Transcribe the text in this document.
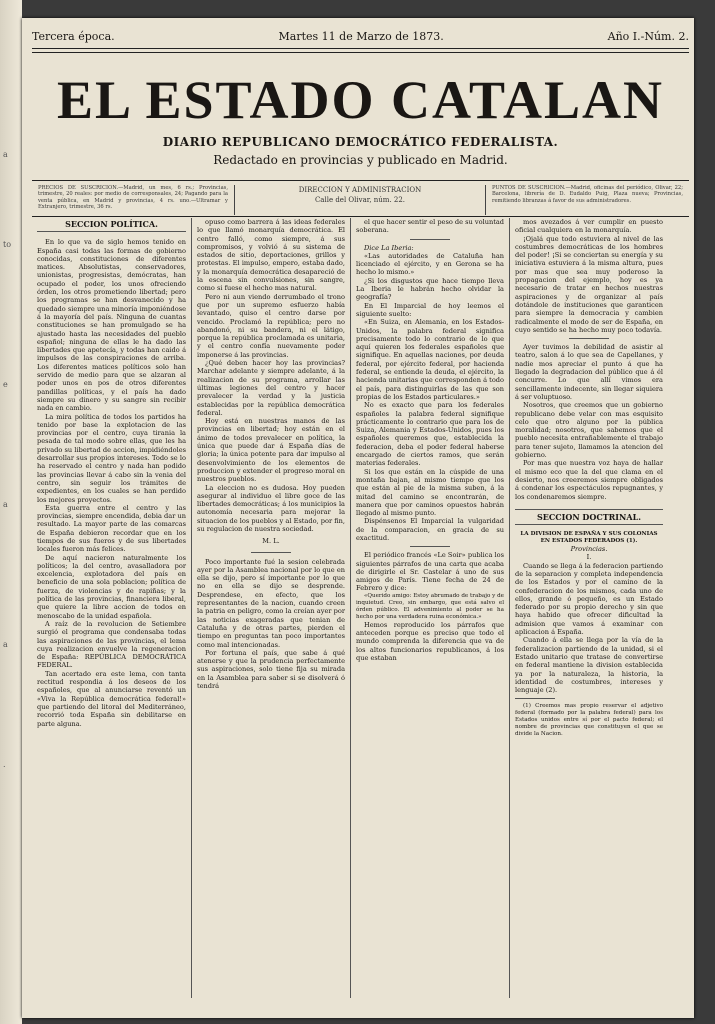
a
to
e
a
a
.
Tercera época.	Martes 11 de Marzo de 1873.	Año I.-Núm. 2.
EL ESTADO CATALAN
DIARIO REPUBLICANO DEMOCRÁTICO FEDERALISTA.
Redactado en provincias y publicado en Madrid.
PRECIOS DE SUSCRICION.—Madrid, un mes, 6 rs.; Provincias, trimestre, 20 reales: por medio de corresponsales, 24; Pagando para la venta pública, en Madrid y provincias, 4 rs. uno.—Ultramar y Extranjero, trimestre, 36 rs.
DIRECCION Y ADMINISTRACION
Calle del Olivar, núm. 22.
PUNTOS DE SUSCRICION.—Madrid, oficinas del periódico, Olivar, 22; Barcelona, librería de D. Eudaldo Puig, Plaza nueva; Provincias, remitiendo libranzas á favor de sus administradores.
SECCION POLÍTICA.

En lo que va de siglo hemos tenido en España casi todas las formas de gobierno conocidas, constituciones de diferentes matices. Absolutistas, conservadores, unionistas, progresistas, demócratas, han ocupado el poder, los unos ofreciendo órden, los otros prometiendo libertad; pero los programas se han desvanecido y ha quedado siempre una minoría imponiéndose á la mayoría del país. Ninguna de cuantas constituciones se han promulgado se ha ajustado hasta las necesidades del pueblo español; ninguna de ellas le ha dado las libertades que apetecía, y todas han caido á impulsos de las conspiraciones de arriba. Los diferentes matices políticos solo han servido de medio para que se alzaran al poder unos en pos de otros diferentes pandillas políticas, y el país ha dado siempre su dinero y su sangre sin recibir nada en cambio.

La mira política de todos los partidos ha tenido por base la explotacion de las provincias por el centro, cuya tirania la pesada de tal modo sobre ellas, que les ha privado su libertad de accion, impidiéndoles desarrollar sus propios intereses. Todo se lo ha reservado el centro y nada han podido las provincias llevar á cabo sin la venia del centro, sin seguir los trámites de expedientes, en los cuales se han perdido los mejores proyectos.

Esta guerra entre el centro y las provincias, siempre encendida, debia dar un resultado. La mayor parte de las comarcas de España debieron recordar que en los tiempos de sus fueros y de sus libertades locales fueron más felices.

De aquí nacieron naturalmente los políticos; la del centro, avasalladora por excelencia, explotadora del país en beneficio de una sola poblacion; política de fuerza, de violencias y de rapiñas; y la política de las provincias, financiera liberal, que quiere la libre accion de todos en menoscabo de la unidad española.

A raíz de la revolucion de Setiembre surgió el programa que condensaba todas las aspiraciones de las provincias, el lema cuya realizacion envuelve la regeneracion de España: REPÚBLICA DEMOCRÁTICA FEDERAL.

Tan acertado era este lema, con tanta rectitud respondia á los deseos de los españoles, que al anunciarse reventó un «Viva la República democrática federal!» que partiendo del litoral del Mediterráneo, recorrió toda España sin debilitarse en parte alguna.

opuso como barrera á las ideas federales lo que llamó monarquía democrática. El centro falló, como siempre, á sus compromisos, y volvió á su sistema de estados de sitio, deportaciones, grillos y protestas. El impulso, empero, estaba dado, y la monarquía democrática desapareció de la escena sin convulsiones, sin sangre, como si fuese el hecho mas natural.

Pero ni aun viendo derrumbado el trono que por un supremo esfuerzo había levantado, quiso el centro darse por vencido. Proclamó la república; pero no abandonó, ni su bandera, ni el látigo, porque la república proclamada es unitaria, y el centro confía nuevamente poder imponerse á las provincias.

¿Qué deben hacer hoy las provincias? Marchar adelante y siempre adelante, á la realizacion de su programa, arrollar las últimas legiones del centro y hacer prevalecer la verdad y la justicia establecidas por la república democrática federal.

Hoy está en nuestras manos de las provincias en libertad; hoy están en el ánimo de todos prevalecer en política, la única que puede dar á España días de gloria; la única potente para dar impulso al desenvolvimiento de los elementos de produccion y extender el progreso moral en nuestros pueblos.

La eleccion no es dudosa. Hoy pueden asegurar al individuo el libre goce de las libertades democráticas; á los municipios la autonomía necesaria para mejorar la situacion de los pueblos y al Estado, por fin, su regulacion de nuestra sociedad.

M. L.

Poco importante fué la sesion celebrada ayer por la Asamblea nacional por lo que en ella se dijo, pero sí importante por lo que no en ella se dijo se desprende. Desprendese, en efecto, que los representantes de la nacion, cuando creen la patria en peligro, como la creían ayer por las noticias exageradas que tenian de Cataluña y de otras partes, pierden el tiempo en preguntas tan poco importantes como mal intencionadas.

Por fortuna el país, que sabe á qué atenerse y que la prudencia perfectamente sus aspiraciones, solo tiene fija su mirada en la Asamblea para saber si se disolverá ó tendrá

el que hacer sentir el peso de su voluntad soberana.

Dice La Iberia:

«Las autoridades de Cataluña han licenciado el ejército, y en Gerona se ha hecho lo mismo.»

¿Si los disgustos que hace tiempo lleva La Iberia le habrán hecho olvidar la geografía?

En El Imparcial de hoy leemos el siguiente suelto:

«En Suiza, en Alemania, en los Estados-Unidos, la palabra federal significa precisamente todo lo contrario de lo que aquí quieren los federales españoles que signifique. En aquellas naciones, por deuda federal, por ejército federal, por hacienda federal, se entiende la deuda, el ejército, la hacienda unitarias que corresponden á todo el país, para distinguirlas de las que son propias de los Estados particulares.»

No es exacto que para los federales españoles la palabra federal signifique prácticamente lo contrario que para los de Suiza, Alemania y Estados-Unidos, pues los españoles queremos que, establecida la federacion, deba el poder federal haberse encargado de ciertos ramos, que serán materias federales.

Si los que están en la cúspide de una montaña bajan, al mismo tiempo que los que están al pie de la misma suben, á la mitad del camino se encontrarán, de manera que por caminos opuestos habrán llegado al mismo punto.

Dispénsenos El Imparcial la vulgaridad de la comparacion, en gracia de su exactitud.

El periódico francés «Le Soir» publica los siguientes párrafos de una carta que acaba de dirigirle el Sr. Castelar á uno de sus amigos de París. Tiene fecha de 24 de Febrero y dice:

«Querido amigo: Estoy abrumado de trabajo y de inquietud. Creo, sin embargo, que está salvo el órden público. El advenimiento al poder se ha hecho por una verdadera ruina económica.»

Hemos reproducido los párrafos que anteceden porque es preciso que todo el mundo comprenda la diferencia que va de los altos funcionarios republicanos, á los que estaban

mos avezados á ver cumplir en puesto oficial cualquiera en la monarquía.

¡Ojalá que todo estuviera al nivel de las costumbres democráticas de los hombres del poder! ¡Si se conciertan su energía y su iniciativa estuviera á la misma altura, pues por mas que sea muy poderoso la propagacion del ejemplo, hoy es ya necesario de tratar en hechos nuestras aspiraciones y de organizar al país dotándole de instituciones que garanticen para siempre la democracia y cambien radicalmente el modo de ser de España, en cuyo sentido se ha hecho muy poco todavía.

Ayer tuvimos la debilidad de asistir al teatro, salon á lo que sea de Capellanes, y nadie mos apreciar el punto á que ha llegado la degradacion del público que á él concurre. Lo que allí vimos era sencillamente indecente, sin llegar siquiera á ser voluptuoso.

Nosotros, que creemos que un gobierno republicano debe velar con mas esquisito celo que otro alguno por la pública moralidad; nosotros, que sabemos que el pueblo necesita entrañablemente el trabajo para tener sujeto, llamamos la atencion del gobierno.

Por mas que nuestra voz haya de hallar el mismo eco que la del que clama en el desierto, nos creeremos siempre obligados á condenar los espectáculos repugnantes, y los condenaremos siempre.

SECCION DOCTRINAL.

LA DIVISION DE ESPAÑA Y SUS COLONIAS EN ESTADOS FEDERADOS (1).

Provincias.

I.

Cuando se llega á la federacion partiendo de la separacion y completa independencia de los Estados y por el camino de la confederacion de los mismos, cada uno de ellos, grande ó pequeño, es un Estado federado por su propio derecho y sin que haya habido que ofrecer dificultad la admision que vamos á examinar con aplicacion á España.

Cuando á ella se llega por la vía de la federalizacion partiendo de la unidad, si el Estado unitario que tratase de convertirse en federal mantiene la division establecida ya por la naturaleza, la historia, la identidad de costumbres, intereses y lenguaje (2).

(1) Creemos mas propio reservar el adjetivo federal (formado por la palabra federal) para los Estados unidos entre sí por el pacto federal; el nombre de provincias que constituyen el que se divide la Nacion.
